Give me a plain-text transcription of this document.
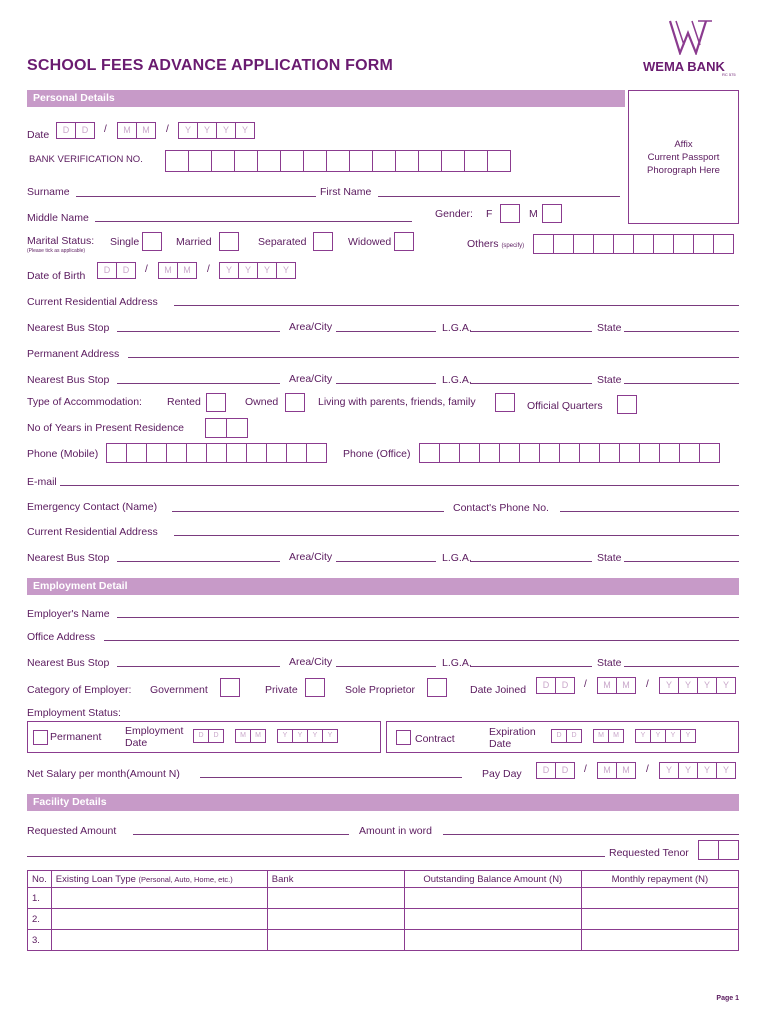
SCHOOL FEES ADVANCE APPLICATION FORM	WEMA BANK
RC 575
Personal Details
Affix
Current Passport
Phorograph Here
Date	D	D	/	M	M	/	Y	Y	Y	Y
BANK VERIFICATION NO.
Surname	First Name
Middle Name	Gender: F	M
Marital Status:
(Please tick as applicable)
Single	Married	Separated	Widowed	Others (specify)
Date of Birth	D	D	/	M	M	/	Y	Y	Y	Y
Current Residential Address
Nearest Bus Stop	Area/City	L.G.A.	State
Permanent Address
Nearest Bus Stop	Area/City	L.G.A.	State
Type of Accommodation: Rented	Owned	Living with parents, friends, family	Official Quarters
No of Years in Present Residence
Phone (Mobile)	Phone (Office)
E-mail
Emergency Contact (Name)	Contact's Phone No.
Current Residential Address
Nearest Bus Stop	Area/City	L.G.A.	State
Employment Detail
Employer's Name
Office Address
Nearest Bus Stop	Area/City	L.G.A.	State
Category of Employer: Government	Private	Sole Proprietor	Date Joined	D	D	/	M	M	/	Y	Y	Y	Y
Employment Status:
Permanent Employment
Date
D	D	M	M	Y	Y	Y	Y	Contract
Expiration
Date
D	D	M	M	Y	Y	Y	Y
Net Salary per month(Amount N)	Pay Day	D	D	/	M	M	/	Y	Y	Y	Y
Facility Details
Requested Amount	Amount in word
Requested Tenor
No.	Existing Loan Type (Personal, Auto, Home, etc.)	Bank	Outstanding Balance Amount (N)	Monthly repayment (N)
1.				
2.				
3.				
Page 1
